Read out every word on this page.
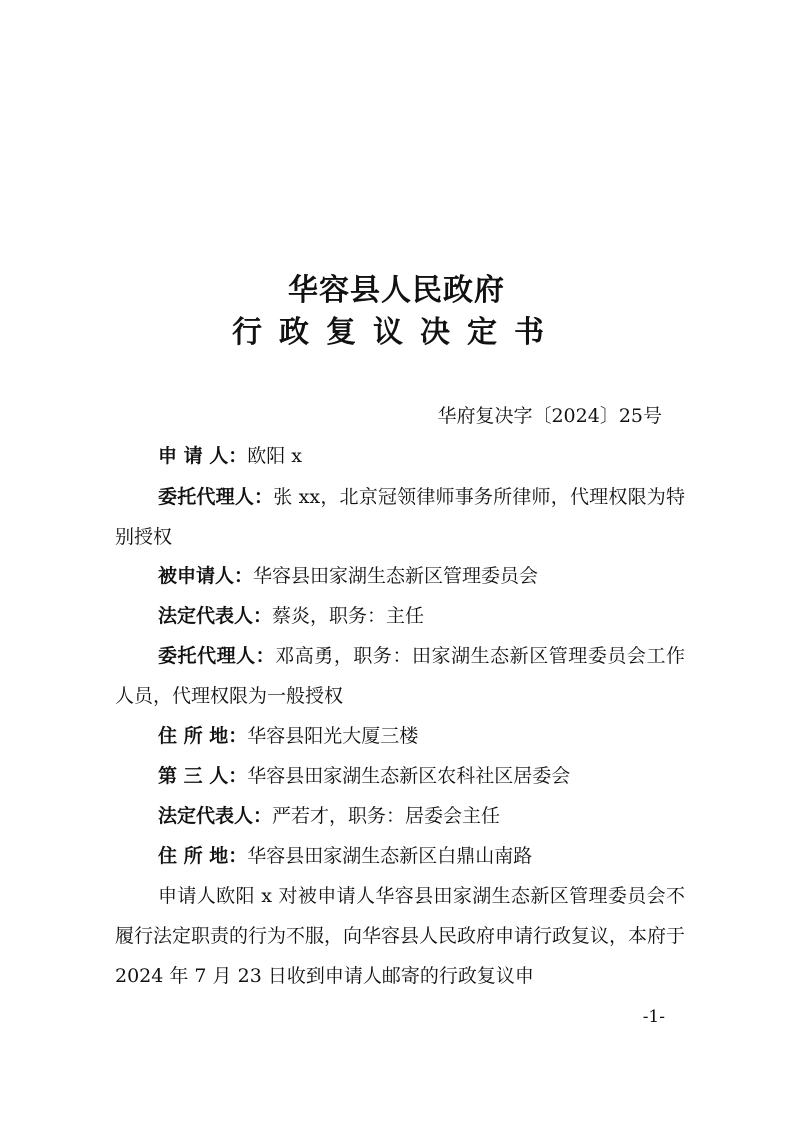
华容县人民政府
行政复议决定书
华府复决字〔2024〕25号
申 请 人：欧阳 x
委托代理人：张 xx，北京冠领律师事务所律师，代理权限为特别授权
被申请人：华容县田家湖生态新区管理委员会
法定代表人：蔡炎，职务：主任
委托代理人：邓高勇，职务：田家湖生态新区管理委员会工作人员，代理权限为一般授权
住 所 地：华容县阳光大厦三楼
第 三 人：华容县田家湖生态新区农科社区居委会
法定代表人：严若才，职务：居委会主任
住 所 地：华容县田家湖生态新区白鼎山南路
申请人欧阳 x 对被申请人华容县田家湖生态新区管理委员会不履行法定职责的行为不服，向华容县人民政府申请行政复议，本府于 2024 年 7 月 23 日收到申请人邮寄的行政复议申
-1-
